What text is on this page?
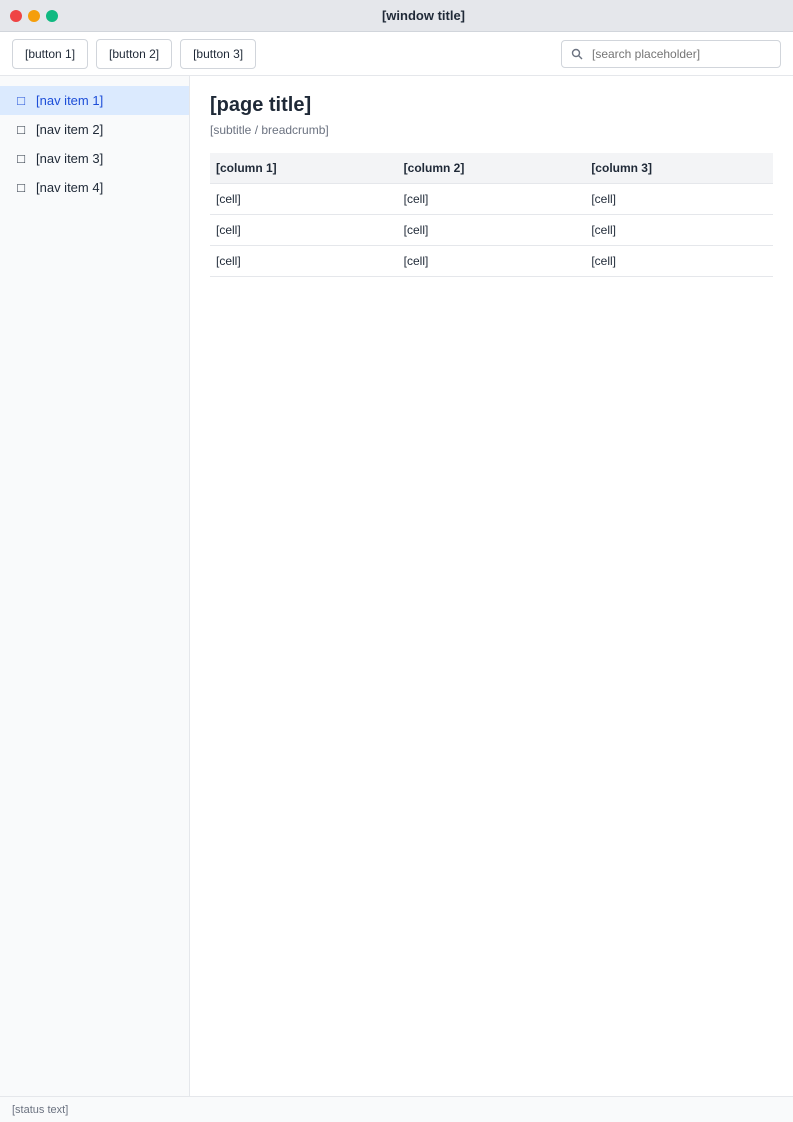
[window title]
[button 1]	[button 2]	[button 3]
[search placeholder]
□ [nav item 1]
□ [nav item 2]
□ [nav item 3]
□ [nav item 4]
[page title]
[subtitle / breadcrumb]
[column 1]	[column 2]	[column 3]
[cell]	[cell]	[cell]
[cell]	[cell]	[cell]
[cell]	[cell]	[cell]
[status text]
